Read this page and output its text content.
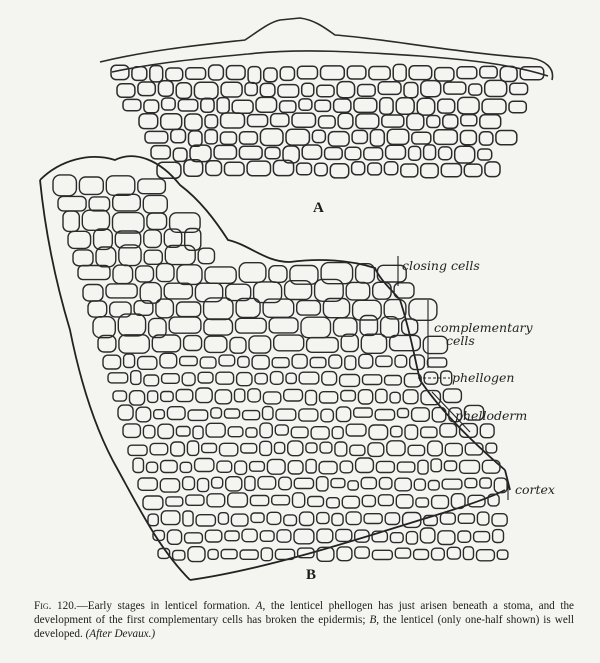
A
B
closing cells
complementary
cells
phellogen
phelloderm
cortex
Fig. 120.—Early stages in lenticel formation. A, the lenticel phellogen has just arisen beneath a stoma, and the development of the first complementary cells has broken the epidermis; B, the lenticel (only one-half shown) is well developed. (After Devaux.)
